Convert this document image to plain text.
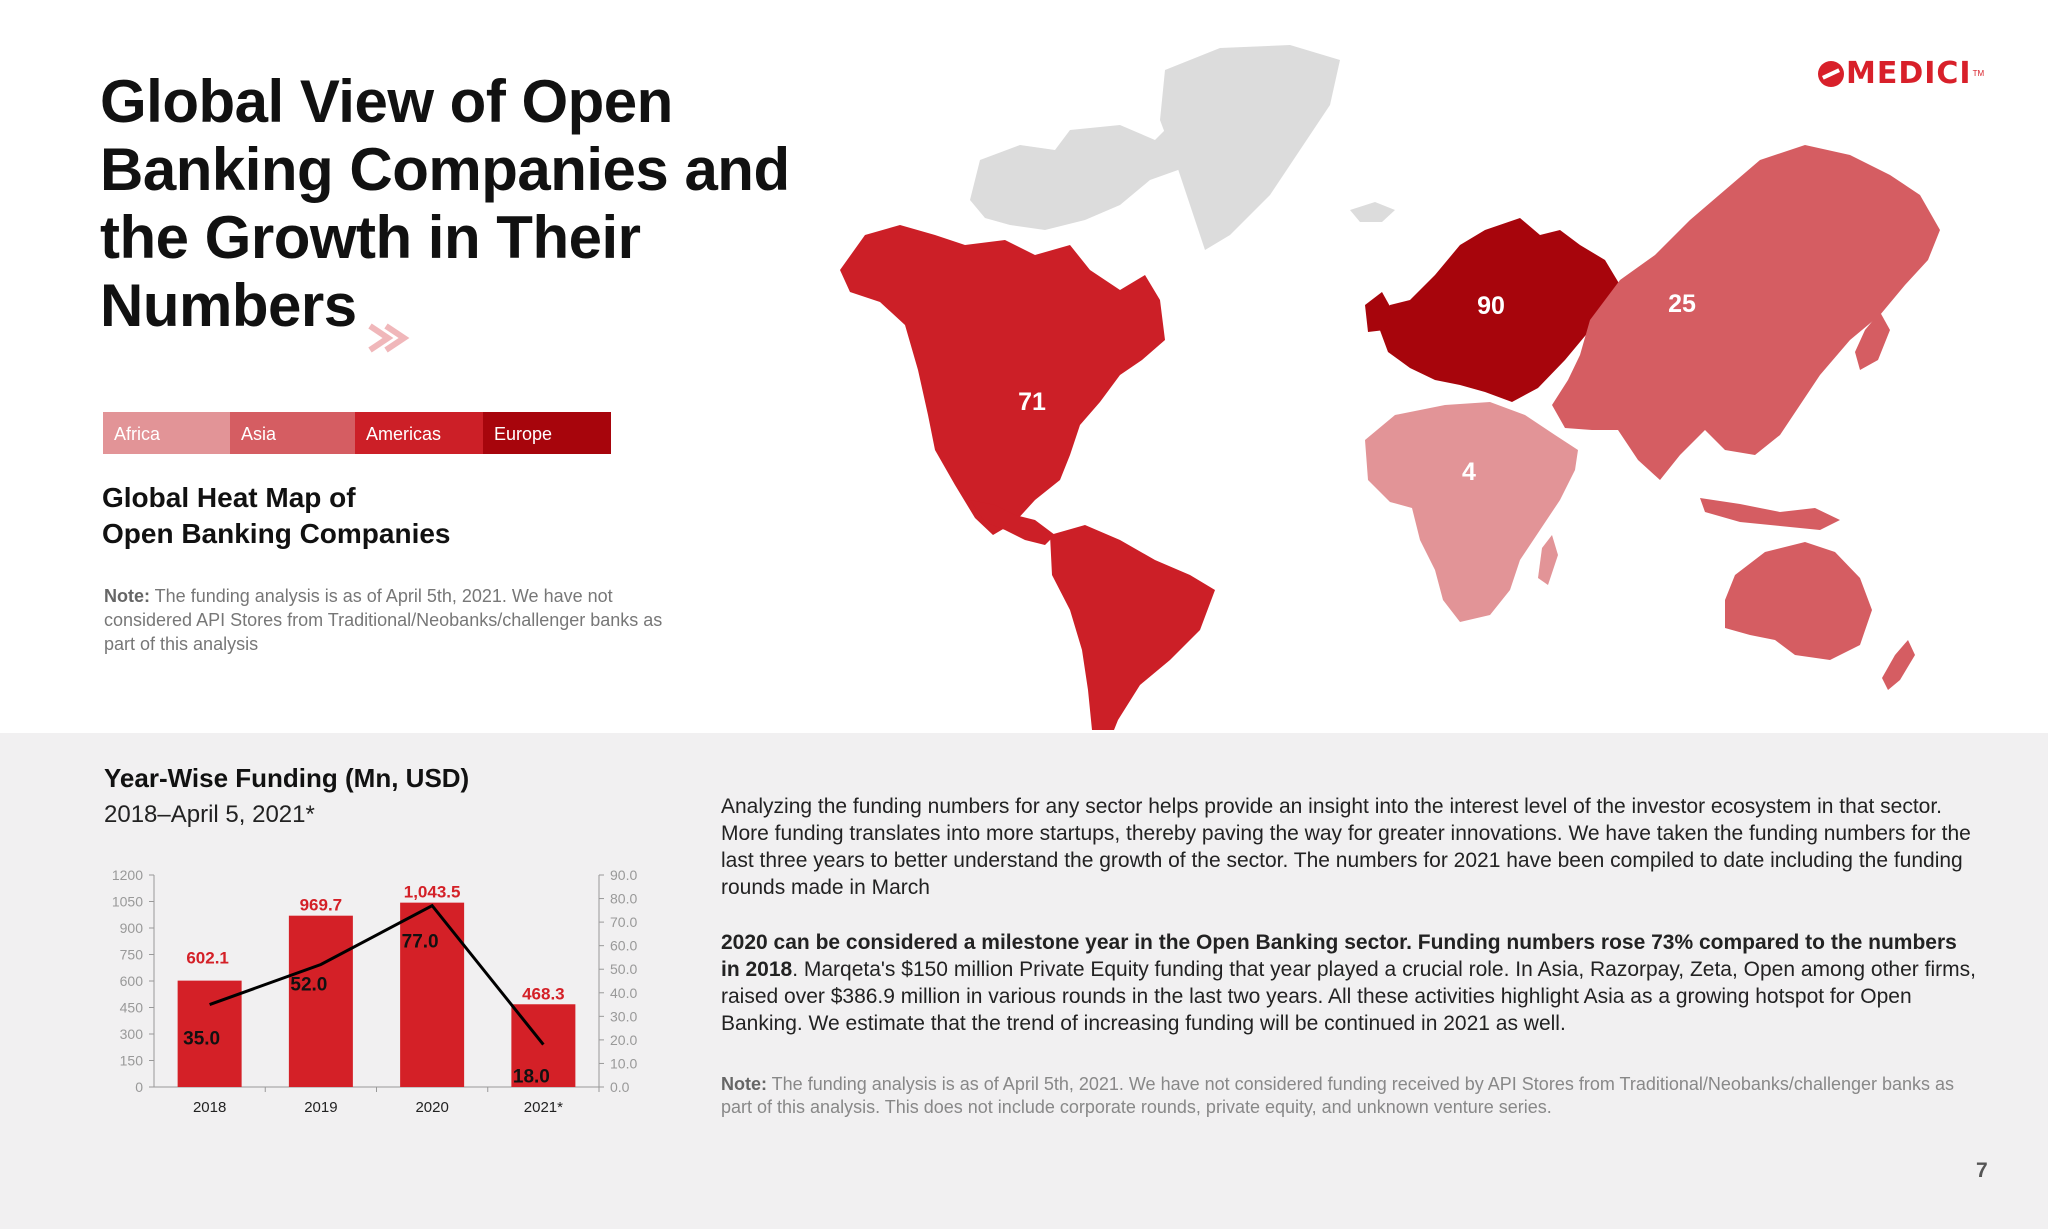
Global View of Open Banking Companies and the Growth in Their Numbers
MEDICI TM
Africa	Asia	Americas	Europe
Global Heat Map of
Open Banking Companies
Note: The funding analysis is as of April 5th, 2021. We have not considered API Stores from Traditional/Neobanks/challenger banks as part of this analysis
71
90	25
4
Year-Wise Funding (Mn, USD)
2018–April 5, 2021*
0
150
300
450
600
750
900
1050
1200
0.0
10.0
20.0
30.0
40.0
50.0
60.0
70.0
80.0
90.0
2018	2019	2020	2021*
602.1
969.7
1,043.5
468.3
35.0
52.0
77.0
18.0
Analyzing the funding numbers for any sector helps provide an insight into the interest level of the investor ecosystem in that sector. More funding translates into more startups, thereby paving the way for greater innovations. We have taken the funding numbers for the last three years to better understand the growth of the sector. The numbers for 2021 have been compiled to date including the funding rounds made in March
2020 can be considered a milestone year in the Open Banking sector. Funding numbers rose 73% compared to the numbers in 2018. Marqeta's $150 million Private Equity funding that year played a crucial role. In Asia, Razorpay, Zeta, Open among other firms, raised over $386.9 million in various rounds in the last two years. All these activities highlight Asia as a growing hotspot for Open Banking. We estimate that the trend of increasing funding will be continued in 2021 as well.
Note: The funding analysis is as of April 5th, 2021. We have not considered funding received by API Stores from Traditional/Neobanks/challenger banks as part of this analysis. This does not include corporate rounds, private equity, and unknown venture series.
7
